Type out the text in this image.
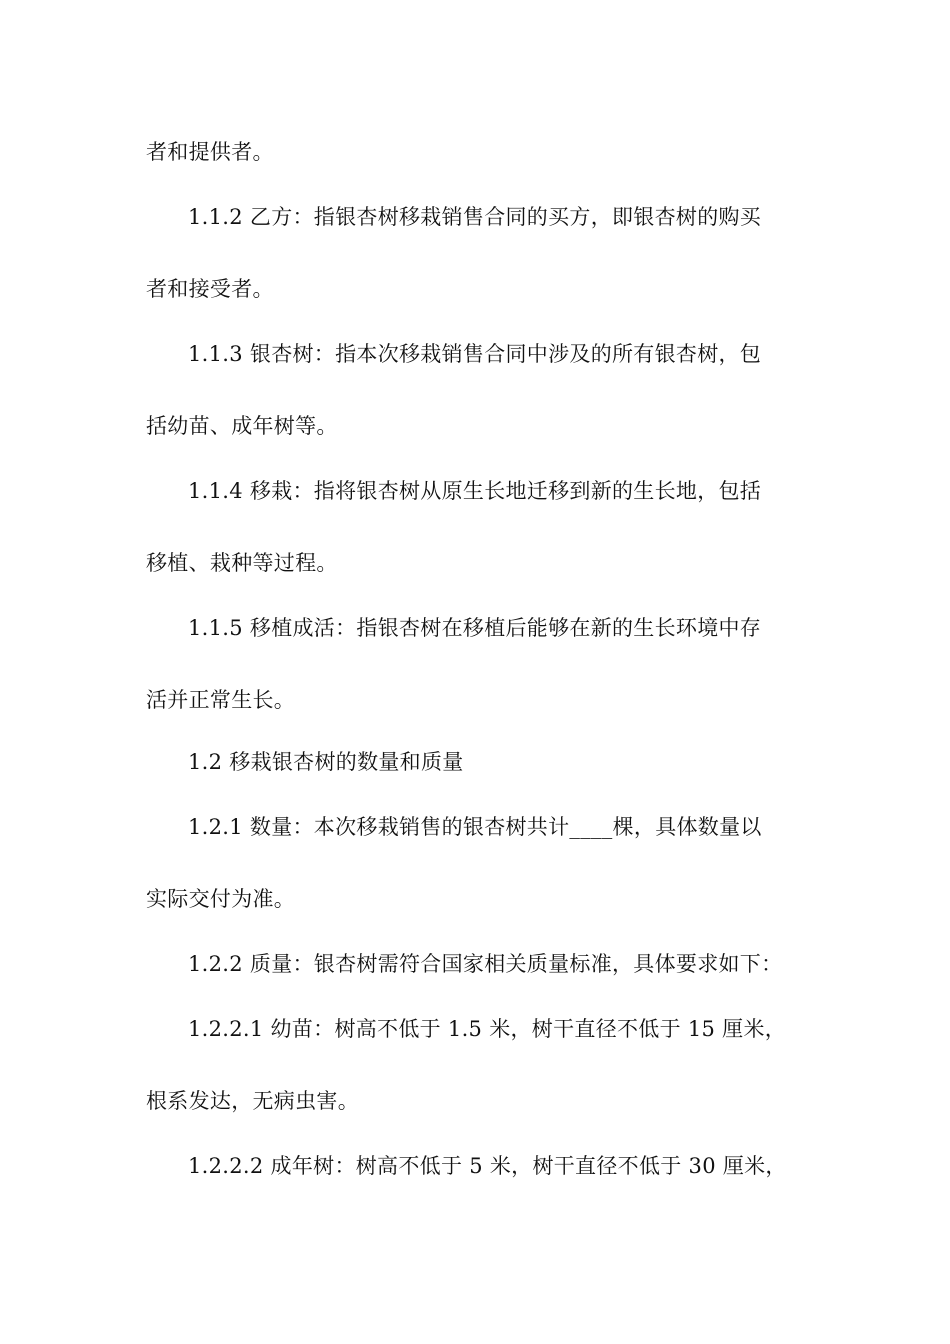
者和提供者。
1.1.2 乙方：指银杏树移栽销售合同的买方，即银杏树的购买
者和接受者。
1.1.3 银杏树：指本次移栽销售合同中涉及的所有银杏树，包
括幼苗、成年树等。
1.1.4 移栽：指将银杏树从原生长地迁移到新的生长地，包括
移植、栽种等过程。
1.1.5 移植成活：指银杏树在移植后能够在新的生长环境中存
活并正常生长。
1.2 移栽银杏树的数量和质量
1.2.1 数量：本次移栽销售的银杏树共计____棵，具体数量以
实际交付为准。
1.2.2 质量：银杏树需符合国家相关质量标准，具体要求如下：
1.2.2.1 幼苗：树高不低于 1.5 米，树干直径不低于 15 厘米，
根系发达，无病虫害。
1.2.2.2 成年树：树高不低于 5 米，树干直径不低于 30 厘米，
